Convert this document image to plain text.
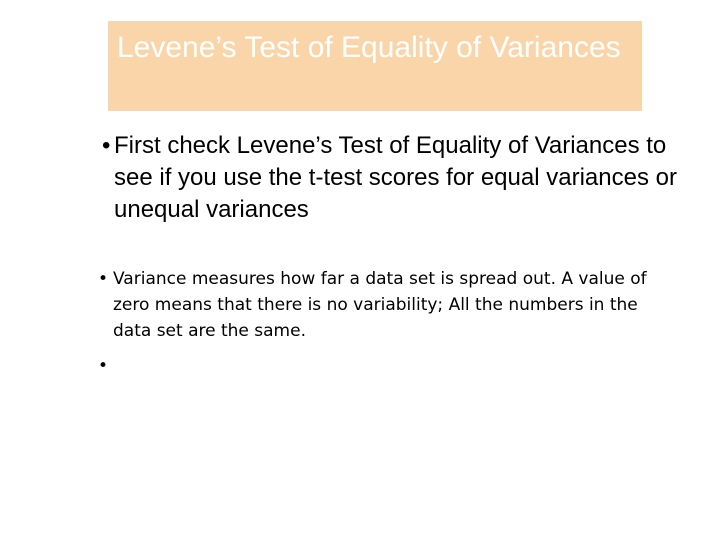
Levene’s Test of Equality of Variances
• First check Levene’s Test of Equality of Variances to see if you use the t-test scores for equal variances or unequal variances
• Variance measures how far a data set is spread out. A value of zero means that there is no variability; All the numbers in the data set are the same.
•
